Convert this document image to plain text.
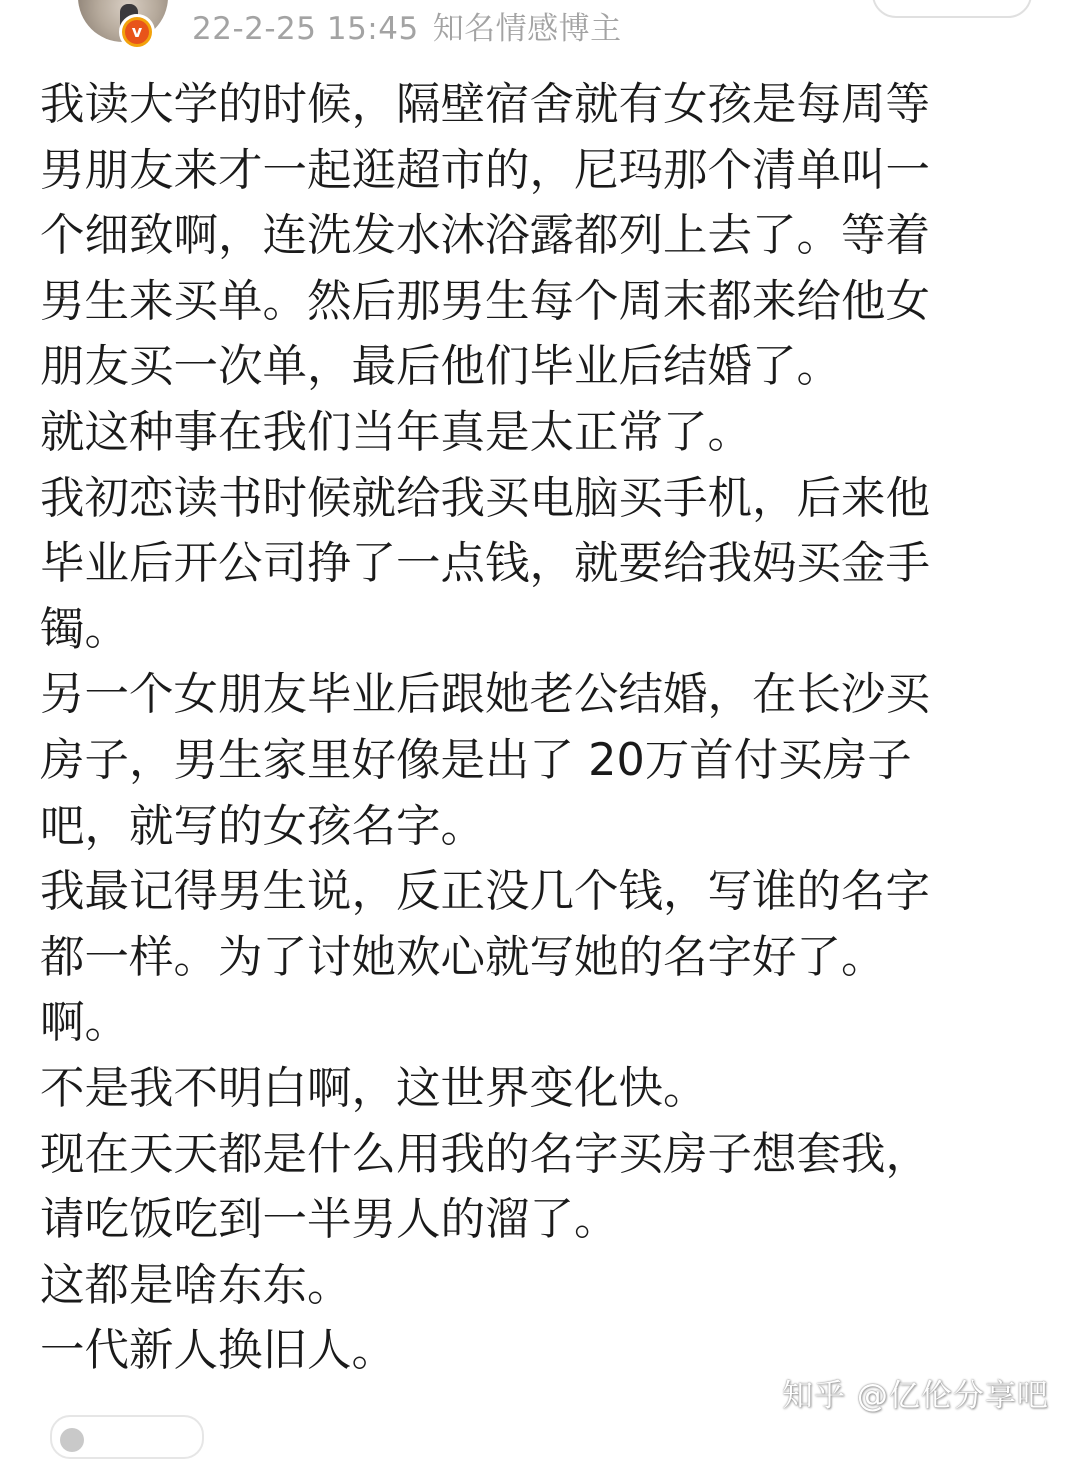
v 22-2-25 15:45 知名情感博主

我读大学的时候，隔壁宿舍就有女孩是每周等

男朋友来才一起逛超市的，尼玛那个清单叫一

个细致啊，连洗发水沐浴露都列上去了。等着

男生来买单。然后那男生每个周末都来给他女

朋友买一次单，最后他们毕业后结婚了。

就这种事在我们当年真是太正常了。

我初恋读书时候就给我买电脑买手机，后来他

毕业后开公司挣了一点钱，就要给我妈买金手

镯。

另一个女朋友毕业后跟她老公结婚，在长沙买

房子，男生家里好像是出了 20万首付买房子

吧，就写的女孩名字。

我最记得男生说，反正没几个钱，写谁的名字

都一样。为了讨她欢心就写她的名字好了。

啊。

不是我不明白啊，这世界变化快。

现在天天都是什么用我的名字买房子想套我，

请吃饭吃到一半男人的溜了。

这都是啥东东。

一代新人换旧人。

知乎 @亿伦分享吧
